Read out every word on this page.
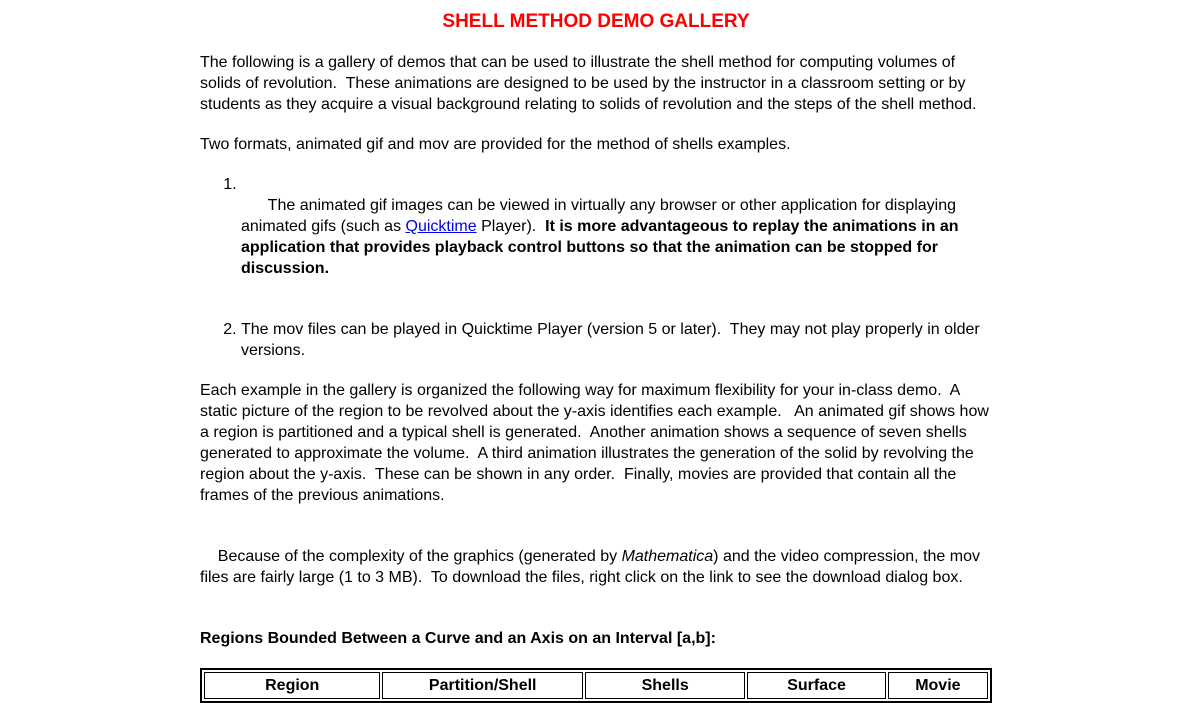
SHELL METHOD DEMO GALLERY

The following is a gallery of demos that can be used to illustrate the shell method for computing volumes of solids of revolution.  These animations are designed to be used by the instructor in a classroom setting or by students as they acquire a visual background relating to solids of revolution and the steps of the shell method.

Two formats, animated gif and mov are provided for the method of shells examples.

1. The animated gif images can be viewed in virtually any browser or other application for displaying animated gifs (such as Quicktime Player).  It is more advantageous to replay the animations in an application that provides playback control buttons so that the animation can be stopped for discussion.

2. The mov files can be played in Quicktime Player (version 5 or later).  They may not play properly in older versions.

Each example in the gallery is organized the following way for maximum flexibility for your in-class demo.  A static picture of the region to be revolved about the y-axis identifies each example.   An animated gif shows how a region is partitioned and a typical shell is generated.  Another animation shows a sequence of seven shells generated to approximate the volume.  A third animation illustrates the generation of the solid by revolving the region about the y-axis.  These can be shown in any order.  Finally, movies are provided that contain all the frames of the previous animations.

Because of the complexity of the graphics (generated by Mathematica) and the video compression, the mov files are fairly large (1 to 3 MB).  To download the files, right click on the link to see the download dialog box.

Regions Bounded Between a Curve and an Axis on an Interval [a,b]:

Region	Partition/Shell	Shells	Surface	Movie
